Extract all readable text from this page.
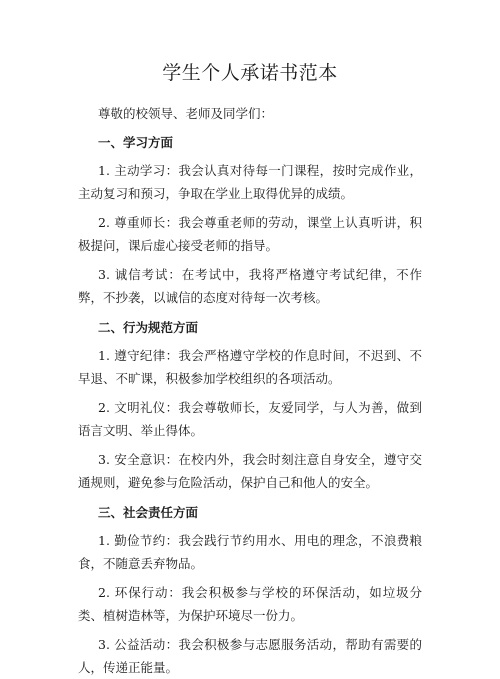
学生个人承诺书范本

尊敬的校领导、老师及同学们：

一、学习方面

1. 主动学习：我会认真对待每一门课程，按时完成作业，主动复习和预习，争取在学业上取得优异的成绩。

2. 尊重师长：我会尊重老师的劳动，课堂上认真听讲，积极提问，课后虚心接受老师的指导。

3. 诚信考试：在考试中，我将严格遵守考试纪律，不作弊，不抄袭，以诚信的态度对待每一次考核。

二、行为规范方面

1. 遵守纪律：我会严格遵守学校的作息时间，不迟到、不早退、不旷课，积极参加学校组织的各项活动。

2. 文明礼仪：我会尊敬师长，友爱同学，与人为善，做到语言文明、举止得体。

3. 安全意识：在校内外，我会时刻注意自身安全，遵守交通规则，避免参与危险活动，保护自己和他人的安全。

三、社会责任方面

1. 勤俭节约：我会践行节约用水、用电的理念，不浪费粮食，不随意丢弃物品。

2. 环保行动：我会积极参与学校的环保活动，如垃圾分类、植树造林等，为保护环境尽一份力。

3. 公益活动：我会积极参与志愿服务活动，帮助有需要的人，传递正能量。
